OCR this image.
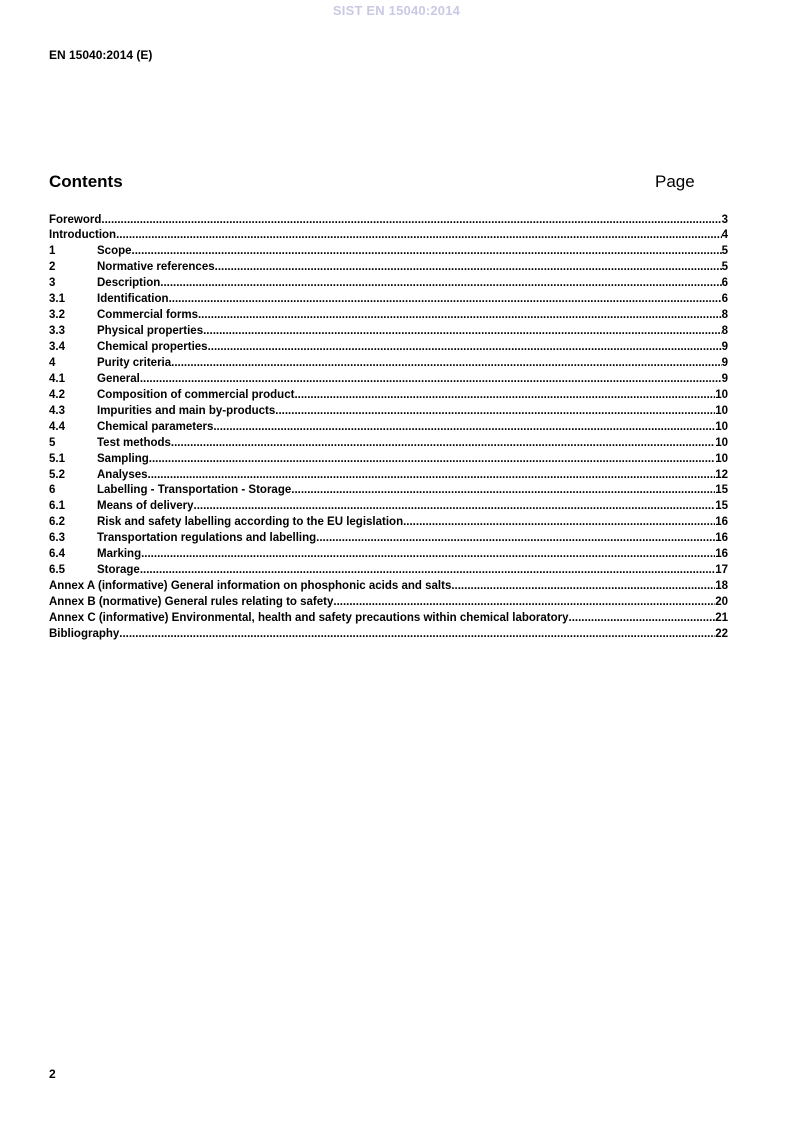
SIST EN 15040:2014
EN 15040:2014 (E)
Contents	Page
Foreword .....	3
Introduction .....	4
1	Scope .....	5
2	Normative references .....	5
3	Description .....	6
3.1	Identification .....	6
3.2	Commercial forms .....	8
3.3	Physical properties .....	8
3.4	Chemical properties .....	9
4	Purity criteria .....	9
4.1	General .....	9
4.2	Composition of commercial product .....	10
4.3	Impurities and main by-products .....	10
4.4	Chemical parameters .....	10
5	Test methods .....	10
5.1	Sampling .....	10
5.2	Analyses .....	12
6	Labelling - Transportation - Storage .....	15
6.1	Means of delivery .....	15
6.2	Risk and safety labelling according to the EU legislation .....	16
6.3	Transportation regulations and labelling .....	16
6.4	Marking .....	16
6.5	Storage .....	17
Annex A (informative) General information on phosphonic acids and salts .....	18
Annex B (normative) General rules relating to safety .....	20
Annex C (informative) Environmental, health and safety precautions within chemical laboratory .....	21
Bibliography .....	22
2
